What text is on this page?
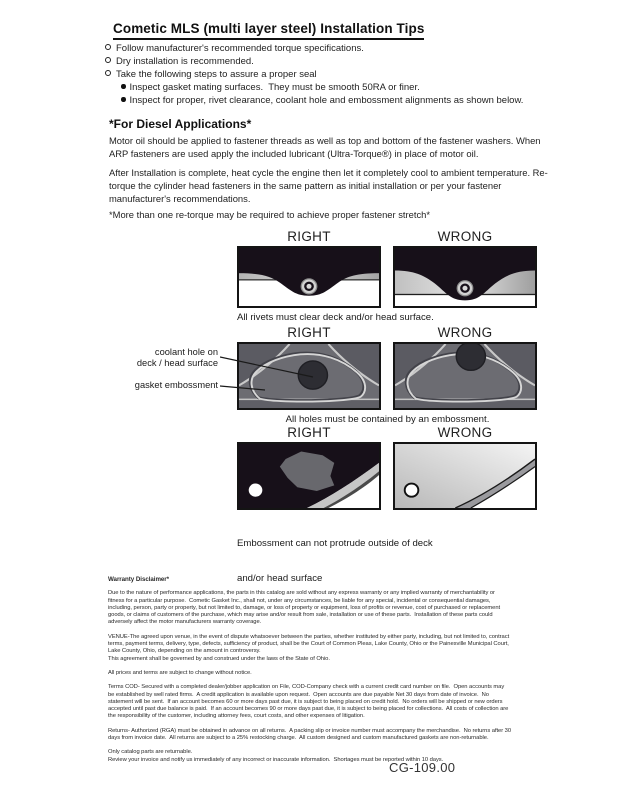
Cometic MLS (multi layer steel) Installation Tips
Follow manufacturer's recommended torque specifications.
Dry installation is recommended.
Take the following steps to assure a proper seal
Inspect gasket mating surfaces.  They must be smooth 50RA or finer.
Inspect for proper, rivet clearance, coolant hole and embossment alignments as shown below.
*For Diesel Applications*
Motor oil should be applied to fastener threads as well as top and bottom of the fastener washers. When ARP fasteners are used apply the included lubricant (Ultra-Torque®) in place of motor oil.
After Installation is complete, heat cycle the engine then let it completely cool to ambient temperature. Re-torque the cylinder head fasteners in the same pattern as initial installation or per your fastener manufacturer's recommendations.
*More than one re-torque may be required to achieve proper fastener stretch*
RIGHT	WRONG
All rivets must clear deck and/or head surface.
RIGHT	WRONG
coolant hole on
deck / head surface
gasket embossment
All holes must be contained by an embossment.
RIGHT	WRONG

Embossment can not protrude outside of deck

and/or head surface

Warranty Disclaimer*

Due to the nature of performance applications, the parts in this catalog are sold without any express warranty or any implied warranty of merchantability or fitness for a particular purpose.  Cometic Gasket Inc., shall not, under any circumstances, be liable for any special, incidental or consequential damages, including, person, party or property, but not limited to, damage, or loss of property or equipment, loss of profits or revenue, cost of purchased or replacement goods, or claims of customers of the purchase, which may arise and/or result from sale, installation or use of these parts.  Installation of these parts could adversely affect the motor manufacturers warranty coverage.

VENUE-The agreed upon venue, in the event of dispute whatsoever between the parties, whether instituted by either party, including, but not limited to, contract terms, payment terms, delivery, type, defects, sufficiency of product, shall be the Court of Common Pleas, Lake County, Ohio or the Painesville Municipal Court, Lake County, Ohio, depending on the amount in controversy.

This agreement shall be governed by and construed under the laws of the State of Ohio.

All prices and terms are subject to change without notice.

Terms COD- Secured with a completed dealer/jobber application on File, COD-Company check with a current credit card number on file.  Open accounts may be established by well rated firms.  A credit application is available upon request.  Open accounts are due payable Net 30 days from date of invoice.  No statement will be sent.  If an account becomes 60 or more days past due, it is subject to being placed on credit hold.  No orders will be shipped or new orders accepted until past due balance is paid.  If an account becomes 90 or more days past due, it is subject to being placed for collections.  All costs of collection are the responsibility of the customer, including attorney fees, court costs, and other expenses of litigation.

Returns- Authorized (RGA) must be obtained in advance on all returns.  A packing slip or invoice number must accompany the merchandise.  No returns after 30 days from invoice date.  All returns are subject to a 25% restocking charge.  All custom designed and custom manufactured gaskets are non-returnable.

Only catalog parts are returnable.

Review your invoice and notify us immediately of any incorrect or inaccurate information.  Shortages must be reported within 10 days.

CG-109.00
